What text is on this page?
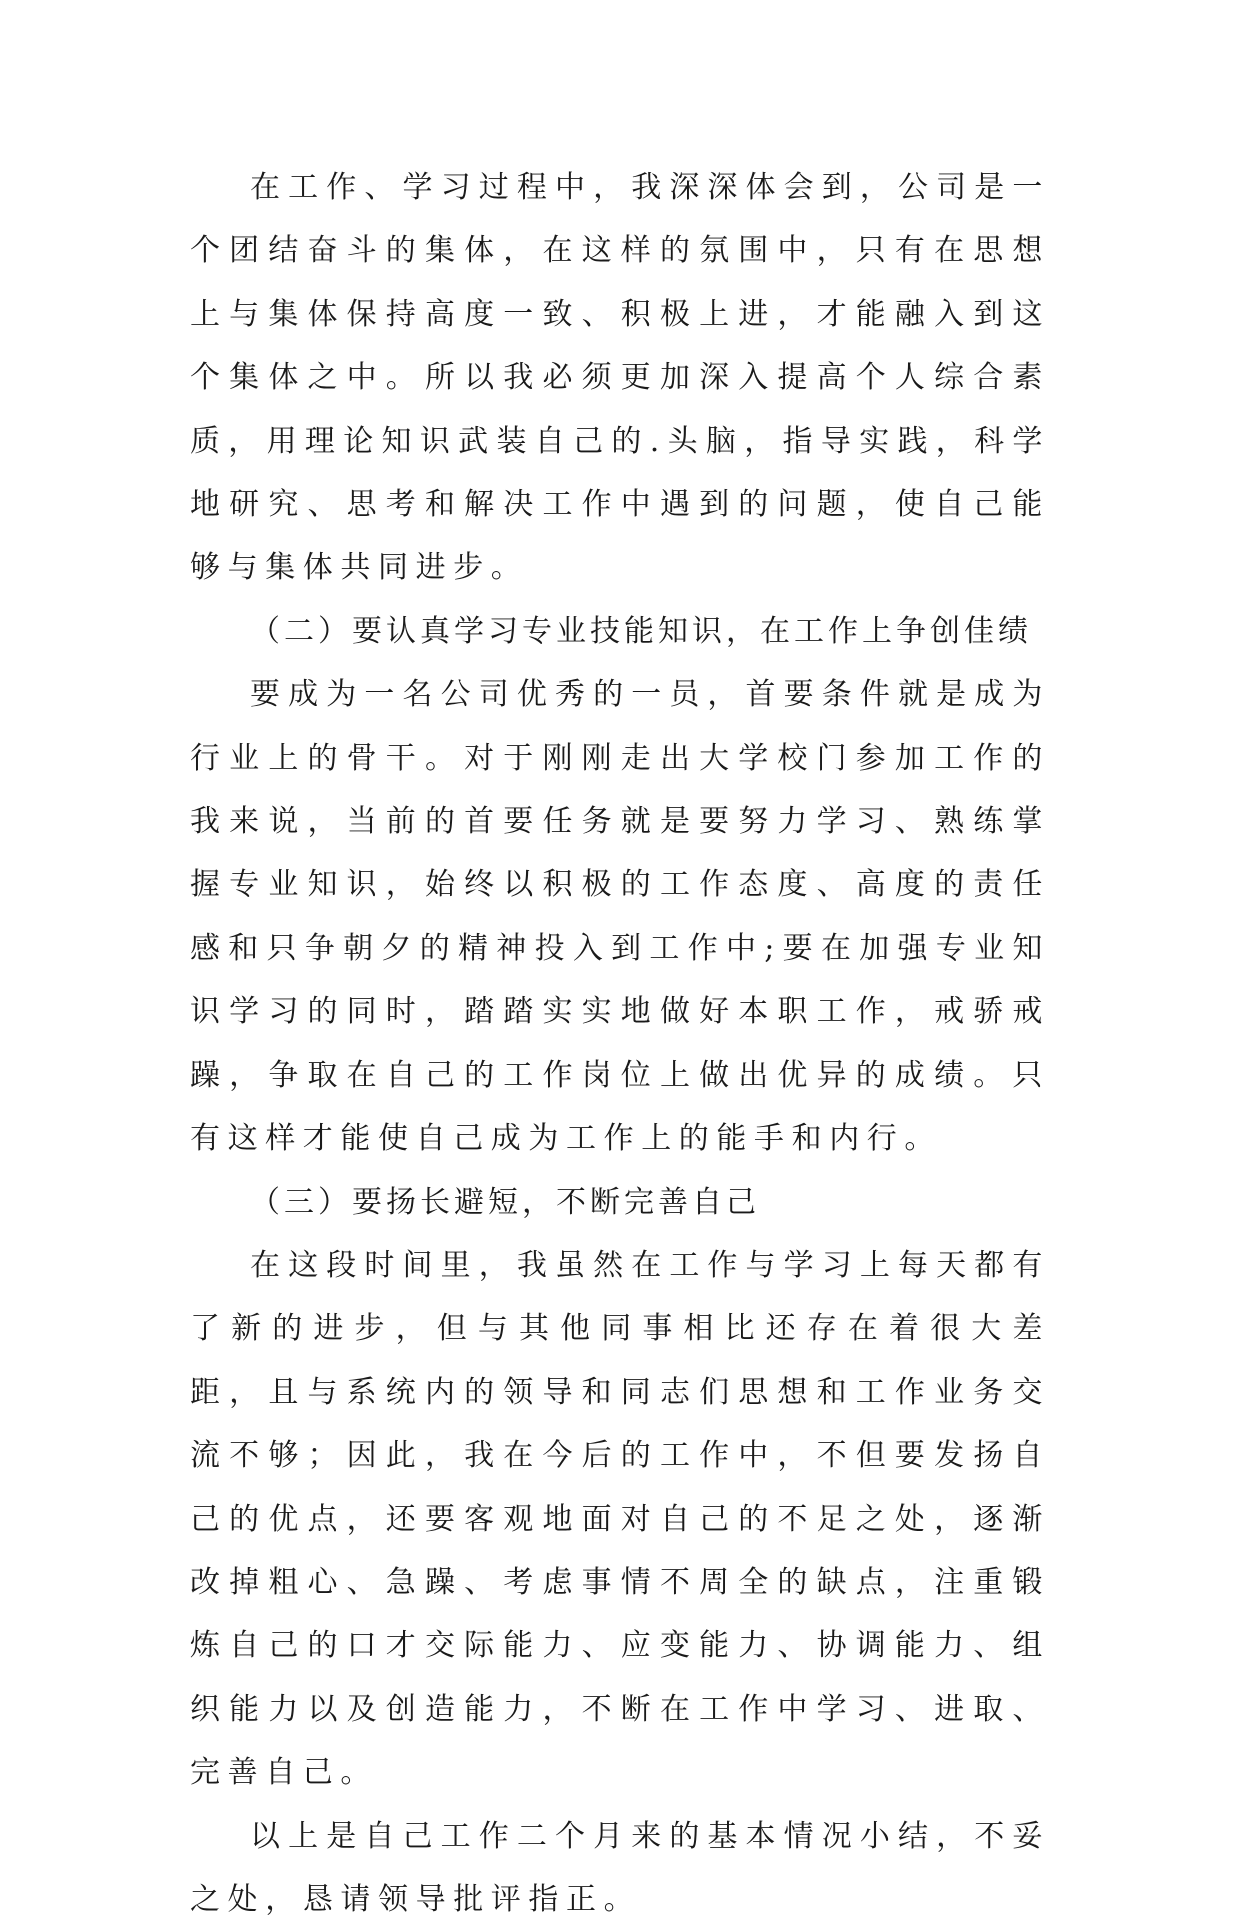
在工作、学习过程中，我深深体会到，公司是一个团结奋斗的集体，在这样的氛围中，只有在思想上与集体保持高度一致、积极上进，才能融入到这个集体之中。所以我必须更加深入提高个人综合素质，用理论知识武装自己的.头脑，指导实践，科学地研究、思考和解决工作中遇到的问题，使自己能够与集体共同进步。

（二）要认真学习专业技能知识，在工作上争创佳绩

要成为一名公司优秀的一员，首要条件就是成为行业上的骨干。对于刚刚走出大学校门参加工作的我来说，当前的首要任务就是要努力学习、熟练掌握专业知识，始终以积极的工作态度、高度的责任感和只争朝夕的精神投入到工作中;要在加强专业知识学习的同时，踏踏实实地做好本职工作，戒骄戒躁，争取在自己的工作岗位上做出优异的成绩。只有这样才能使自己成为工作上的能手和内行。

（三）要扬长避短，不断完善自己

在这段时间里，我虽然在工作与学习上每天都有了新的进步，但与其他同事相比还存在着很大差距，且与系统内的领导和同志们思想和工作业务交流不够；因此，我在今后的工作中，不但要发扬自己的优点，还要客观地面对自己的不足之处，逐渐改掉粗心、急躁、考虑事情不周全的缺点，注重锻炼自己的口才交际能力、应变能力、协调能力、组织能力以及创造能力，不断在工作中学习、进取、完善自己。

以上是自己工作二个月来的基本情况小结，不妥之处，恳请领导批评指正。
